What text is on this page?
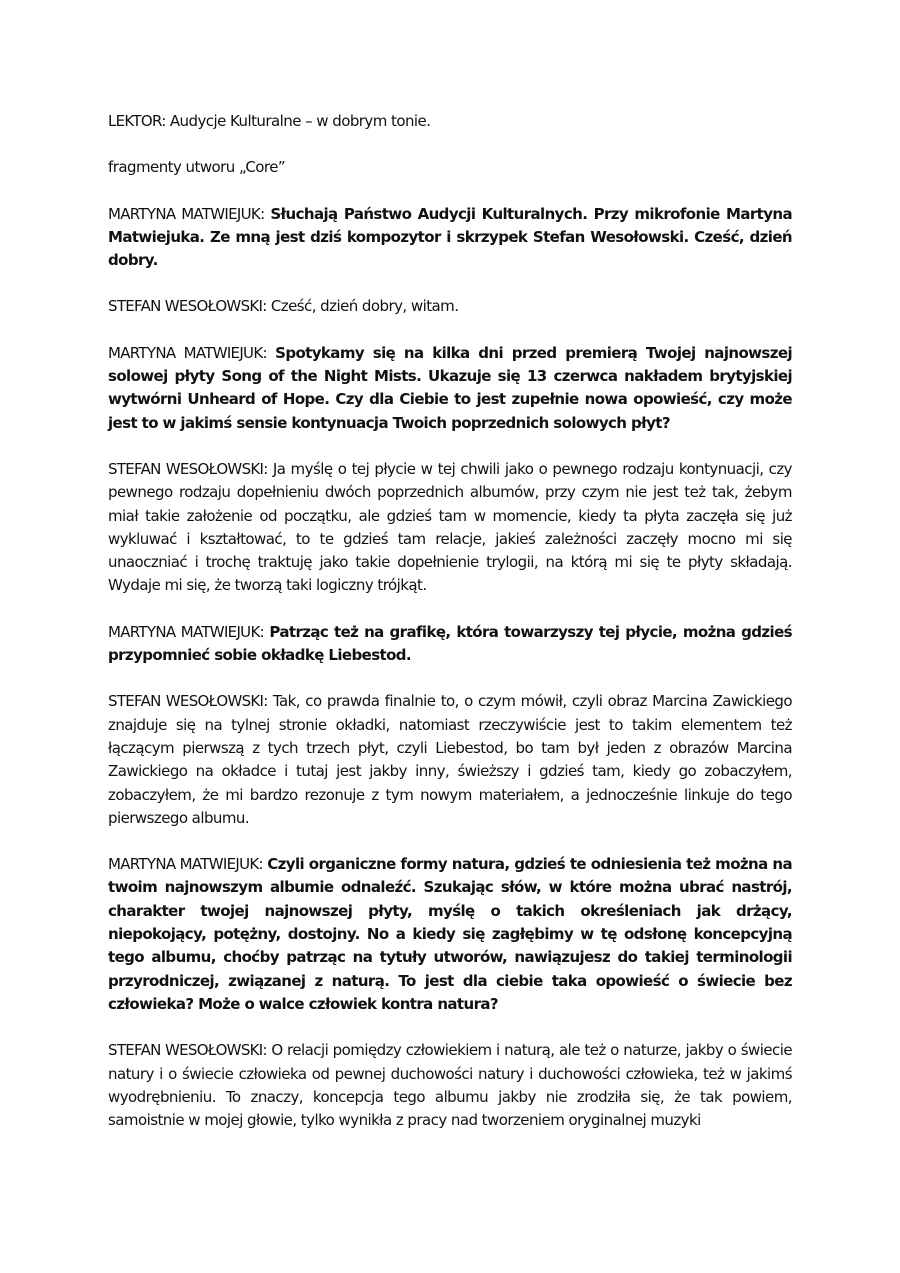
LEKTOR: Audycje Kulturalne – w dobrym tonie.

fragmenty utworu „Core”

MARTYNA MATWIEJUK: Słuchają Państwo Audycji Kulturalnych. Przy mikrofonie Martyna Matwiejuka. Ze mną jest dziś kompozytor i skrzypek Stefan Wesołowski. Cześć, dzień dobry.

STEFAN WESOŁOWSKI: Cześć, dzień dobry, witam.

MARTYNA MATWIEJUK: Spotykamy się na kilka dni przed premierą Twojej najnowszej solowej płyty Song of the Night Mists. Ukazuje się 13 czerwca nakładem brytyjskiej wytwórni Unheard of Hope. Czy dla Ciebie to jest zupełnie nowa opowieść, czy może jest to w jakimś sensie kontynuacja Twoich poprzednich solowych płyt?

STEFAN WESOŁOWSKI: Ja myślę o tej płycie w tej chwili jako o pewnego rodzaju kontynuacji, czy pewnego rodzaju dopełnieniu dwóch poprzednich albumów, przy czym nie jest też tak, żebym miał takie założenie od początku, ale gdzieś tam w momencie, kiedy ta płyta zaczęła się już wykluwać i kształtować, to te gdzieś tam relacje, jakieś zależności zaczęły mocno mi się unaoczniać i trochę traktuję jako takie dopełnienie trylogii, na którą mi się te płyty składają. Wydaje mi się, że tworzą taki logiczny trójkąt.

MARTYNA MATWIEJUK: Patrząc też na grafikę, która towarzyszy tej płycie, można gdzieś przypomnieć sobie okładkę Liebestod.

STEFAN WESOŁOWSKI: Tak, co prawda finalnie to, o czym mówił, czyli obraz Marcina Zawickiego znajduje się na tylnej stronie okładki, natomiast rzeczywiście jest to takim elementem też łączącym pierwszą z tych trzech płyt, czyli Liebestod, bo tam był jeden z obrazów Marcina Zawickiego na okładce i tutaj jest jakby inny, świeższy i gdzieś tam, kiedy go zobaczyłem, zobaczyłem, że mi bardzo rezonuje z tym nowym materiałem, a jednocześnie linkuje do tego pierwszego albumu.

MARTYNA MATWIEJUK: Czyli organiczne formy natura, gdzieś te odniesienia też można na twoim najnowszym albumie odnaleźć. Szukając słów, w które można ubrać nastrój, charakter twojej najnowszej płyty, myślę o takich określeniach jak drżący, niepokojący, potężny, dostojny. No a kiedy się zagłębimy w tę odsłonę koncepcyjną tego albumu, choćby patrząc na tytuły utworów, nawiązujesz do takiej terminologii przyrodniczej, związanej z naturą. To jest dla ciebie taka opowieść o świecie bez człowieka? Może o walce człowiek kontra natura?

STEFAN WESOŁOWSKI: O relacji pomiędzy człowiekiem i naturą, ale też o naturze, jakby o świecie natury i o świecie człowieka od pewnej duchowości natury i duchowości człowieka, też w jakimś wyodrębnieniu. To znaczy, koncepcja tego albumu jakby nie zrodziła się, że tak powiem, samoistnie w mojej głowie, tylko wynikła z pracy nad tworzeniem oryginalnej muzyki
